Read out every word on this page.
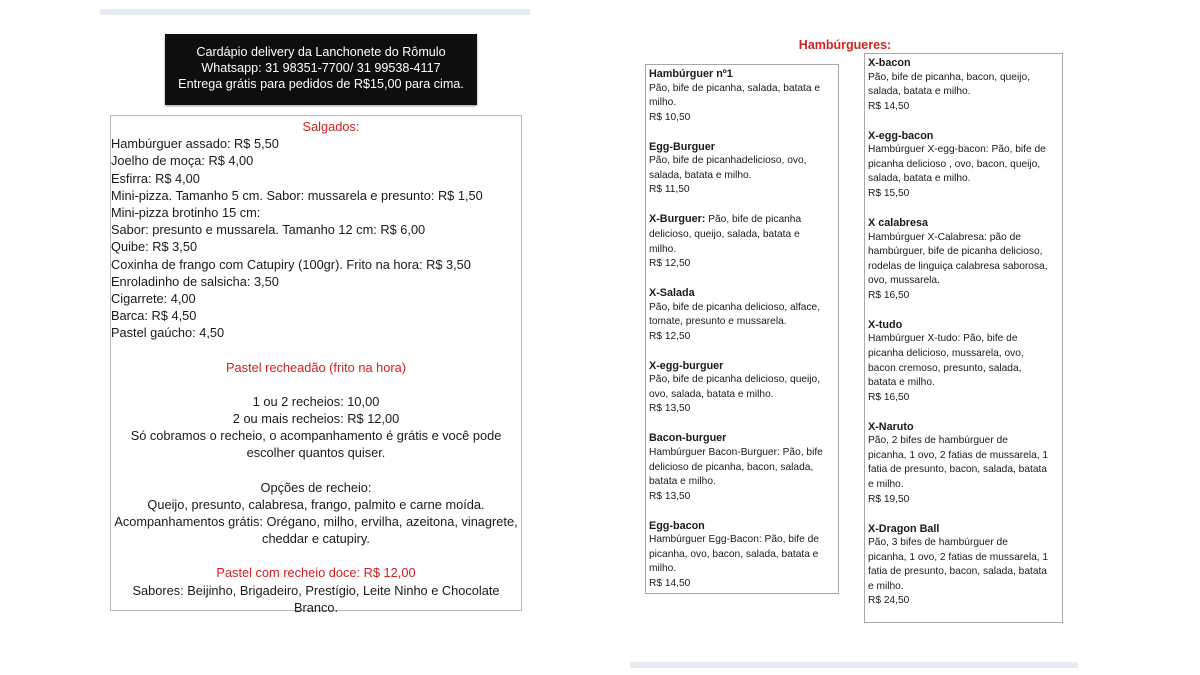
Cardápio delivery da Lanchonete do Rômulo
Whatsapp: 31 98351-7700/ 31 99538-4117
Entrega grátis para pedidos de R$15,00 para cima.
Salgados:
Hambúrguer assado: R$ 5,50
Joelho de moça: R$ 4,00
Esfirra: R$ 4,00
Mini-pizza. Tamanho 5 cm. Sabor: mussarela e presunto: R$ 1,50
Mini-pizza brotinho 15 cm:
Sabor: presunto e mussarela. Tamanho 12 cm: R$ 6,00
Quibe: R$ 3,50
Coxinha de frango com Catupiry (100gr). Frito na hora: R$ 3,50
Enroladinho de salsicha: 3,50
Cigarrete: 4,00
Barca: R$ 4,50
Pastel gaúcho: 4,50
Pastel recheadão (frito na hora)
1 ou 2 recheios: 10,00
2 ou mais recheios: R$ 12,00
Só cobramos o recheio, o acompanhamento é grátis e você pode
escolher quantos quiser.
Opções de recheio:
Queijo, presunto, calabresa, frango, palmito e carne moída.
Acompanhamentos grátis: Orégano, milho, ervilha, azeitona, vinagrete,
cheddar e catupiry.
Pastel com recheio doce: R$ 12,00
Sabores: Beijinho, Brigadeiro, Prestígio, Leite Ninho e Chocolate
Branco.
Hambúrgueres:
Hambúrguer nº1
Pão, bife de picanha, salada, batata e
milho.
R$ 10,50
Egg-Burguer
Pão, bife de picanhadelicioso, ovo,
salada, batata e milho.
R$ 11,50
X-Burguer: Pão, bife de picanha
delicioso, queijo, salada, batata e
milho.
R$ 12,50
X-Salada
Pão, bife de picanha delicioso, alface,
tomate, presunto e mussarela.
R$ 12,50
X-egg-burguer
Pão, bife de picanha delicioso, queijo,
ovo, salada, batata e milho.
R$ 13,50
Bacon-burguer
Hambúrguer Bacon-Burguer: Pão, bife
delicioso de picanha, bacon, salada,
batata e milho.
R$ 13,50
Egg-bacon
Hambúrguer Egg-Bacon: Pão, bife de
picanha, ovo, bacon, salada, batata e
milho.
R$ 14,50
X-bacon
Pão, bife de picanha, bacon, queijo,
salada, batata e milho.
R$ 14,50
X-egg-bacon
Hambúrguer X-egg-bacon: Pão, bife de
picanha delicioso , ovo, bacon, queijo,
salada, batata e milho.
R$ 15,50
X calabresa
Hambúrguer X-Calabresa: pão de
hambúrguer, bife de picanha delicioso,
rodelas de linguiça calabresa saborosa,
ovo, mussarela.
R$ 16,50
X-tudo
Hambúrguer X-tudo: Pão, bife de
picanha delicioso, mussarela, ovo,
bacon cremoso, presunto, salada,
batata e milho.
R$ 16,50
X-Naruto
Pão, 2 bifes de hambúrguer de
picanha, 1 ovo, 2 fatias de mussarela, 1
fatia de presunto, bacon, salada, batata
e milho.
R$ 19,50
X-Dragon Ball
Pão, 3 bifes de hambúrguer de
picanha, 1 ovo, 2 fatias de mussarela, 1
fatia de presunto, bacon, salada, batata
e milho.
R$ 24,50
